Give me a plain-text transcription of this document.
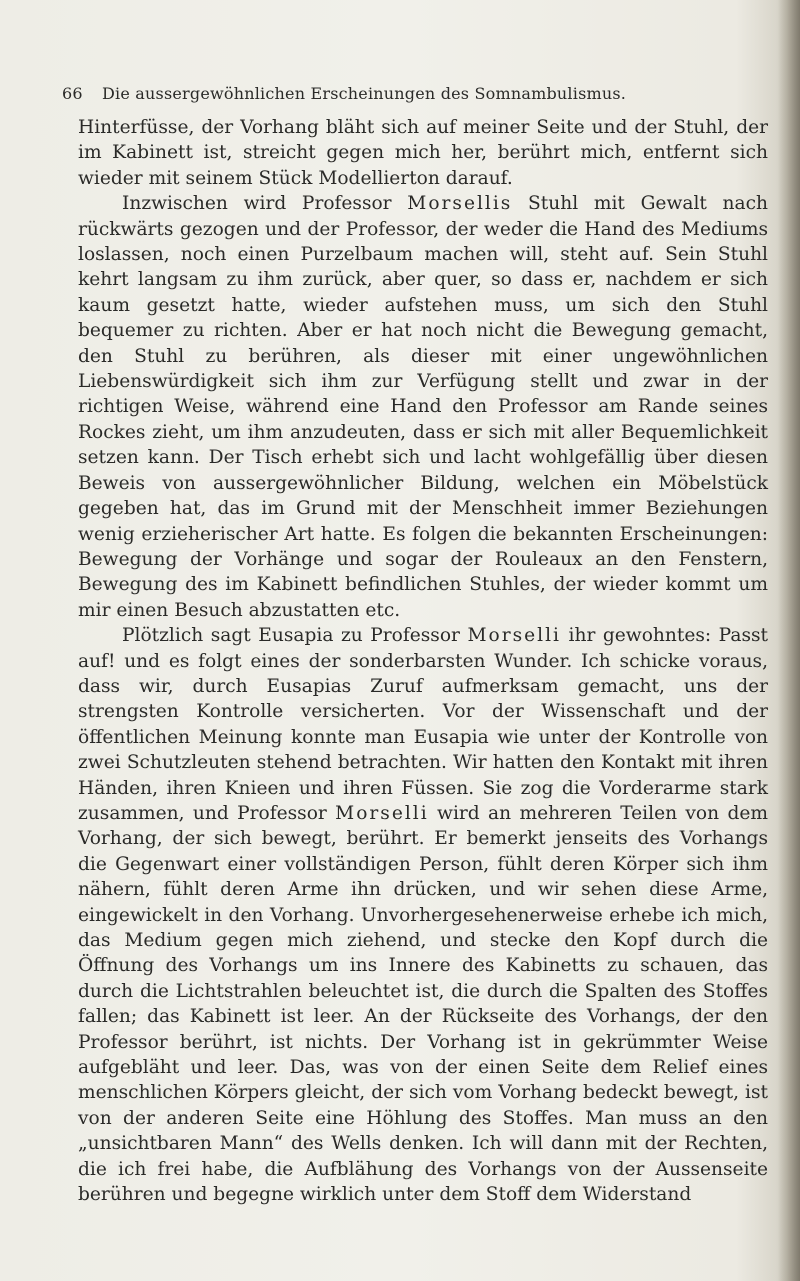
66 Die aussergewöhnlichen Erscheinungen des Somnambulismus.

Hinterfüsse, der Vorhang bläht sich auf meiner Seite und der Stuhl, der im Kabinett ist, streicht gegen mich her, berührt mich, entfernt sich wieder mit seinem Stück Modellierton darauf.

Inzwischen wird Professor Morsellis Stuhl mit Gewalt nach rückwärts gezogen und der Professor, der weder die Hand des Mediums loslassen, noch einen Purzelbaum machen will, steht auf. Sein Stuhl kehrt langsam zu ihm zurück, aber quer, so dass er, nachdem er sich kaum gesetzt hatte, wieder aufstehen muss, um sich den Stuhl bequemer zu richten. Aber er hat noch nicht die Bewegung gemacht, den Stuhl zu berühren, als dieser mit einer ungewöhnlichen Liebenswürdigkeit sich ihm zur Verfügung stellt und zwar in der richtigen Weise, während eine Hand den Professor am Rande seines Rockes zieht, um ihm anzudeuten, dass er sich mit aller Bequemlichkeit setzen kann. Der Tisch erhebt sich und lacht wohlgefällig über diesen Beweis von aussergewöhnlicher Bildung, welchen ein Möbelstück gegeben hat, das im Grund mit der Menschheit immer Beziehungen wenig erzieherischer Art hatte. Es folgen die bekannten Erscheinungen: Bewegung der Vorhänge und sogar der Rouleaux an den Fenstern, Bewegung des im Kabinett befindlichen Stuhles, der wieder kommt um mir einen Besuch abzustatten etc.

Plötzlich sagt Eusapia zu Professor Morselli ihr gewohntes: Passt auf! und es folgt eines der sonderbarsten Wunder. Ich schicke voraus, dass wir, durch Eusapias Zuruf aufmerksam gemacht, uns der strengsten Kontrolle versicherten. Vor der Wissenschaft und der öffentlichen Meinung konnte man Eusapia wie unter der Kontrolle von zwei Schutzleuten stehend betrachten. Wir hatten den Kontakt mit ihren Händen, ihren Knieen und ihren Füssen. Sie zog die Vorderarme stark zusammen, und Professor Morselli wird an mehreren Teilen von dem Vorhang, der sich bewegt, berührt. Er bemerkt jenseits des Vorhangs die Gegenwart einer vollständigen Person, fühlt deren Körper sich ihm nähern, fühlt deren Arme ihn drücken, und wir sehen diese Arme, eingewickelt in den Vorhang. Unvorhergesehenerweise erhebe ich mich, das Medium gegen mich ziehend, und stecke den Kopf durch die Öffnung des Vorhangs um ins Innere des Kabinetts zu schauen, das durch die Lichtstrahlen beleuchtet ist, die durch die Spalten des Stoffes fallen; das Kabinett ist leer. An der Rückseite des Vorhangs, der den Professor berührt, ist nichts. Der Vorhang ist in gekrümmter Weise aufgebläht und leer. Das, was von der einen Seite dem Relief eines menschlichen Körpers gleicht, der sich vom Vorhang bedeckt bewegt, ist von der anderen Seite eine Höhlung des Stoffes. Man muss an den „unsichtbaren Mann“ des Wells denken. Ich will dann mit der Rechten, die ich frei habe, die Aufblähung des Vorhangs von der Aussenseite berühren und begegne wirklich unter dem Stoff dem Widerstand
